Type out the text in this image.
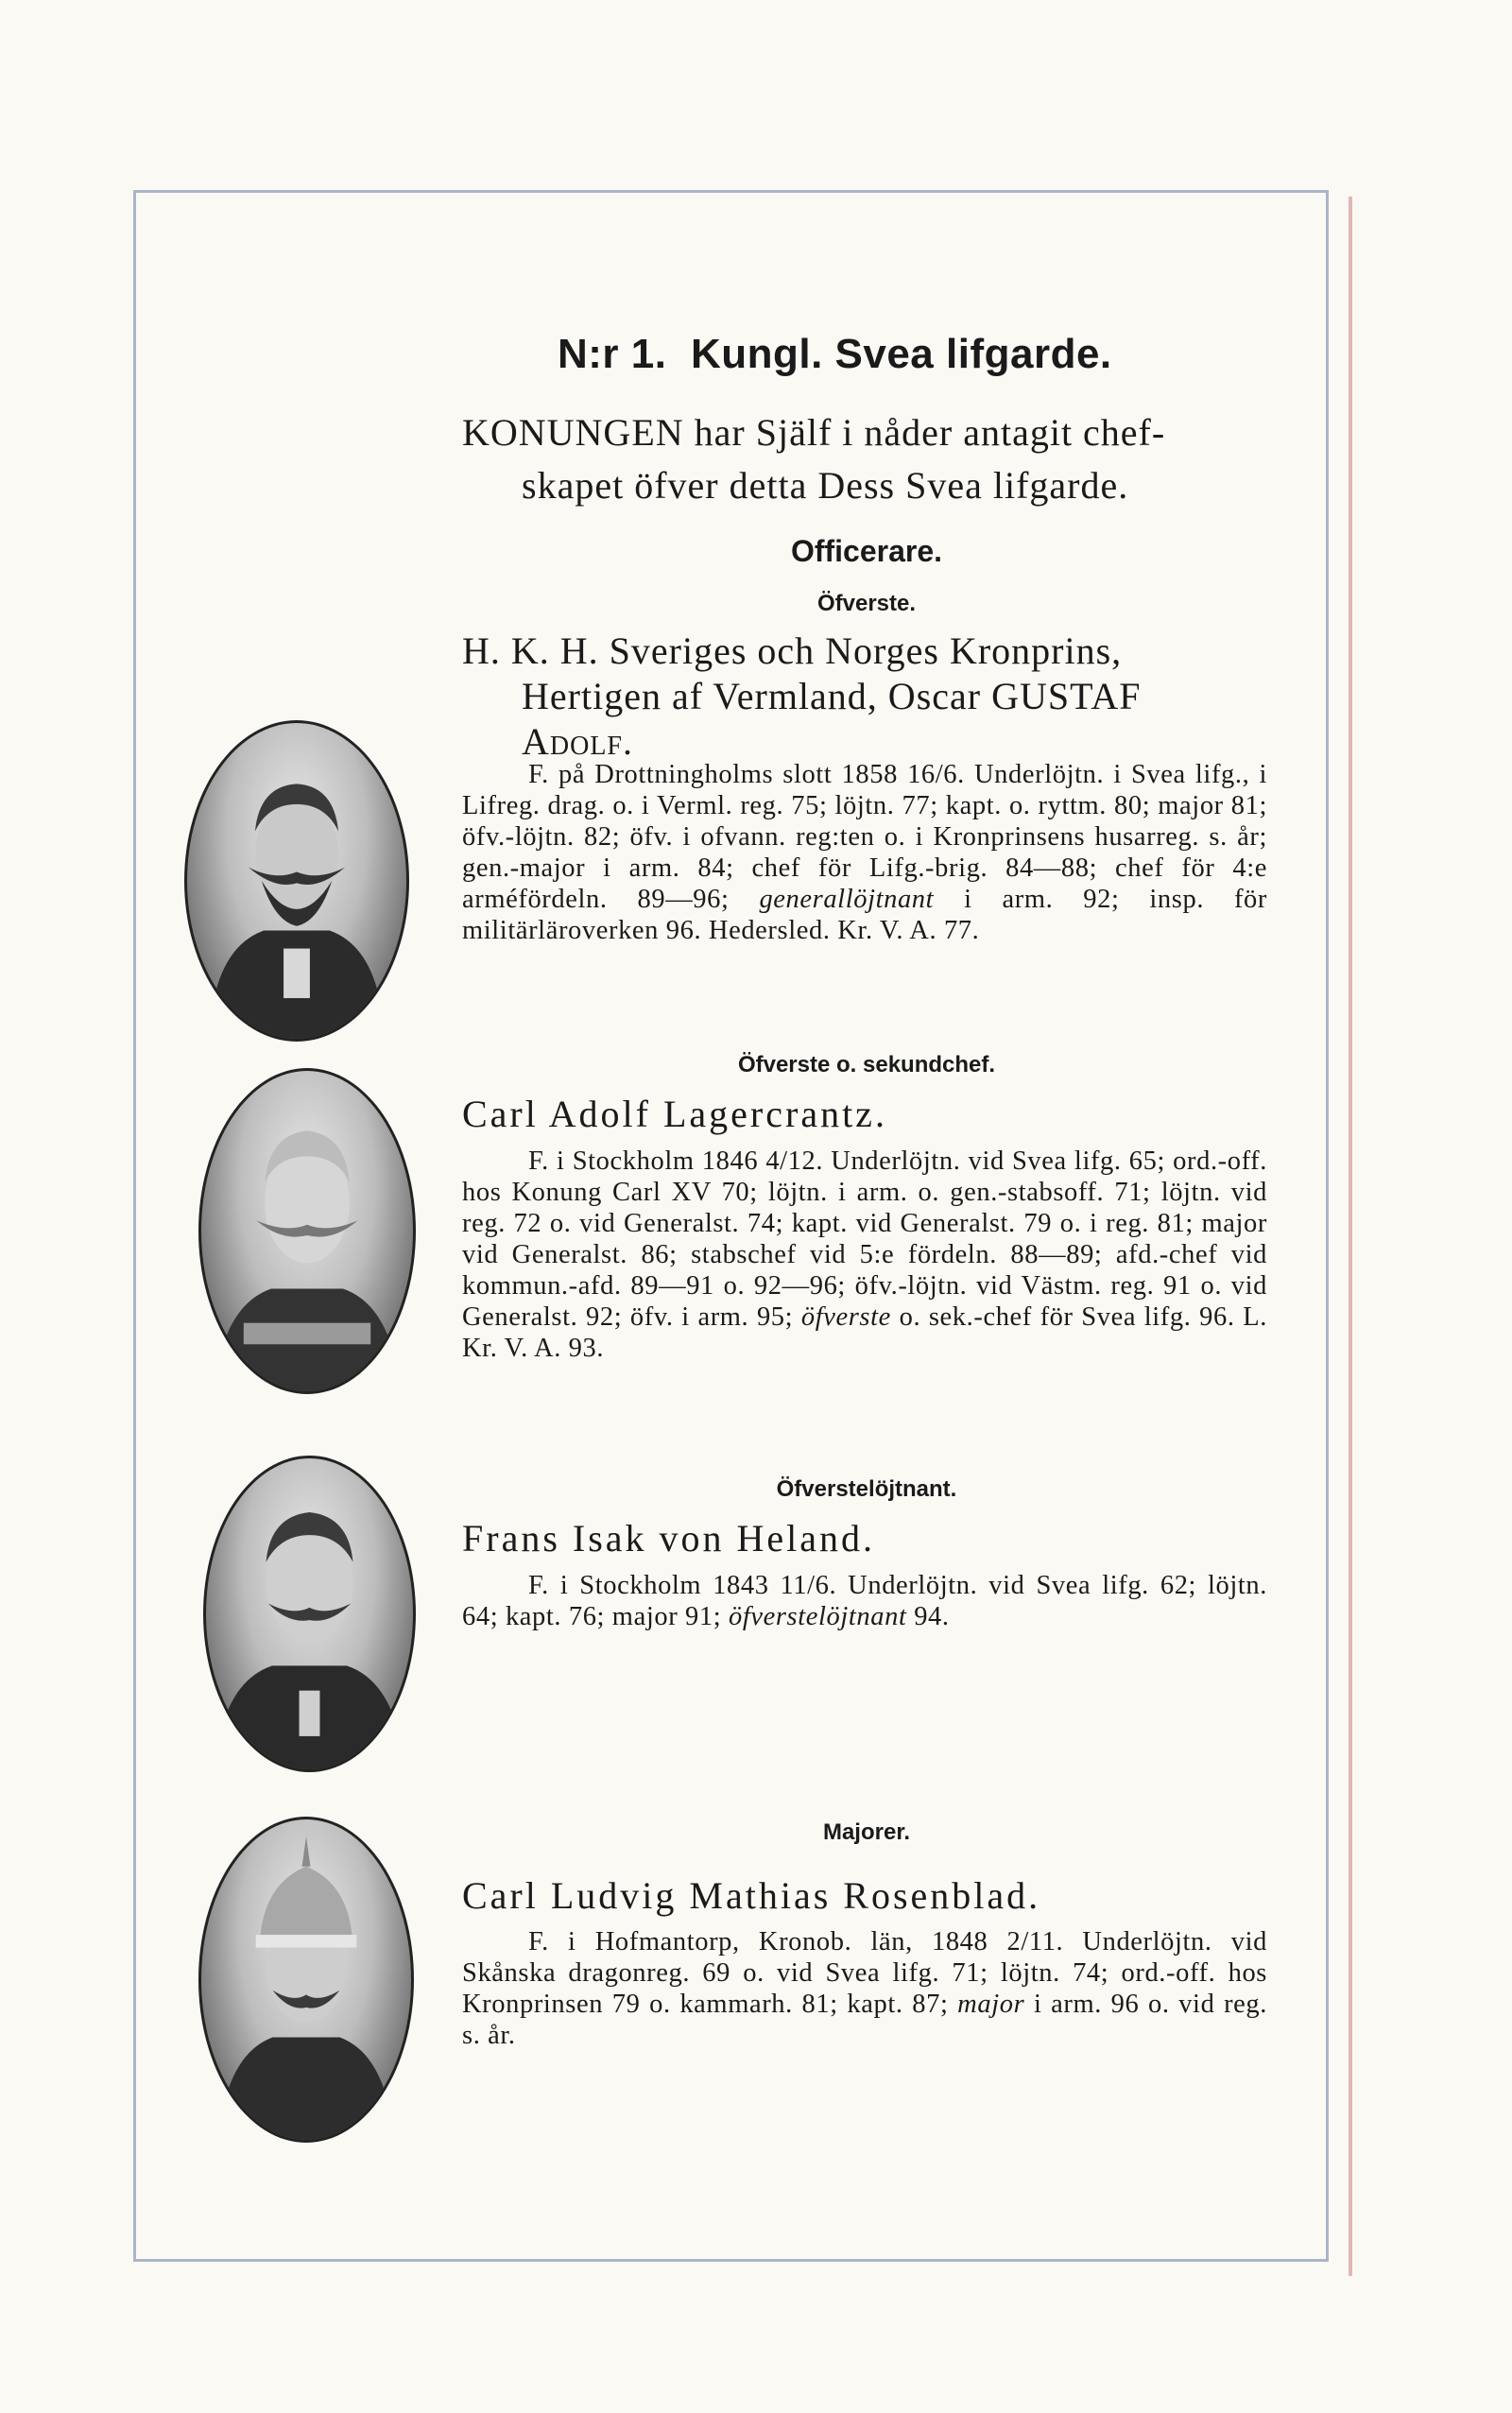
N:r 1. Kungl. Svea lifgarde.
KONUNGEN har Själf i nåder antagit chef-
skapet öfver detta Dess Svea lifgarde.
Officerare.
Öfverste.
H. K. H. Sveriges och Norges Kronprins,
Hertigen af Vermland, Oscar GUSTAF
Adolf.
F. på Drottningholms slott 1858 16/6. Underlöjtn. i Svea lifg., i Lifreg. drag. o. i Verml. reg. 75; löjtn. 77; kapt. o. ryttm. 80; major 81; öfv.-löjtn. 82; öfv. i ofvann. reg:ten o. i Kronprinsens husarreg. s. år; gen.-major i arm. 84; chef för Lifg.-brig. 84—88; chef för 4:e arméfördeln. 89—96; generallöjtnant i arm. 92; insp. för militärläroverken 96. Hedersled. Kr. V. A. 77.
Öfverste o. sekundchef.
Carl Adolf Lagercrantz.
F. i Stockholm 1846 4/12. Underlöjtn. vid Svea lifg. 65; ord.-off. hos Konung Carl XV 70; löjtn. i arm. o. gen.-stabsoff. 71; löjtn. vid reg. 72 o. vid Generalst. 74; kapt. vid Generalst. 79 o. i reg. 81; major vid Generalst. 86; stabschef vid 5:e fördeln. 88—89; afd.-chef vid kommun.-afd. 89—91 o. 92—96; öfv.-löjtn. vid Västm. reg. 91 o. vid Generalst. 92; öfv. i arm. 95; öfverste o. sek.-chef för Svea lifg. 96. L. Kr. V. A. 93.
Öfverstelöjtnant.
Frans Isak von Heland.
F. i Stockholm 1843 11/6. Underlöjtn. vid Svea lifg. 62; löjtn. 64; kapt. 76; major 91; öfverstelöjtnant 94.
Majorer.
Carl Ludvig Mathias Rosenblad.
F. i Hofmantorp, Kronob. län, 1848 2/11. Underlöjtn. vid Skånska dragonreg. 69 o. vid Svea lifg. 71; löjtn. 74; ord.-off. hos Kronprinsen 79 o. kammarh. 81; kapt. 87; major i arm. 96 o. vid reg. s. år.
